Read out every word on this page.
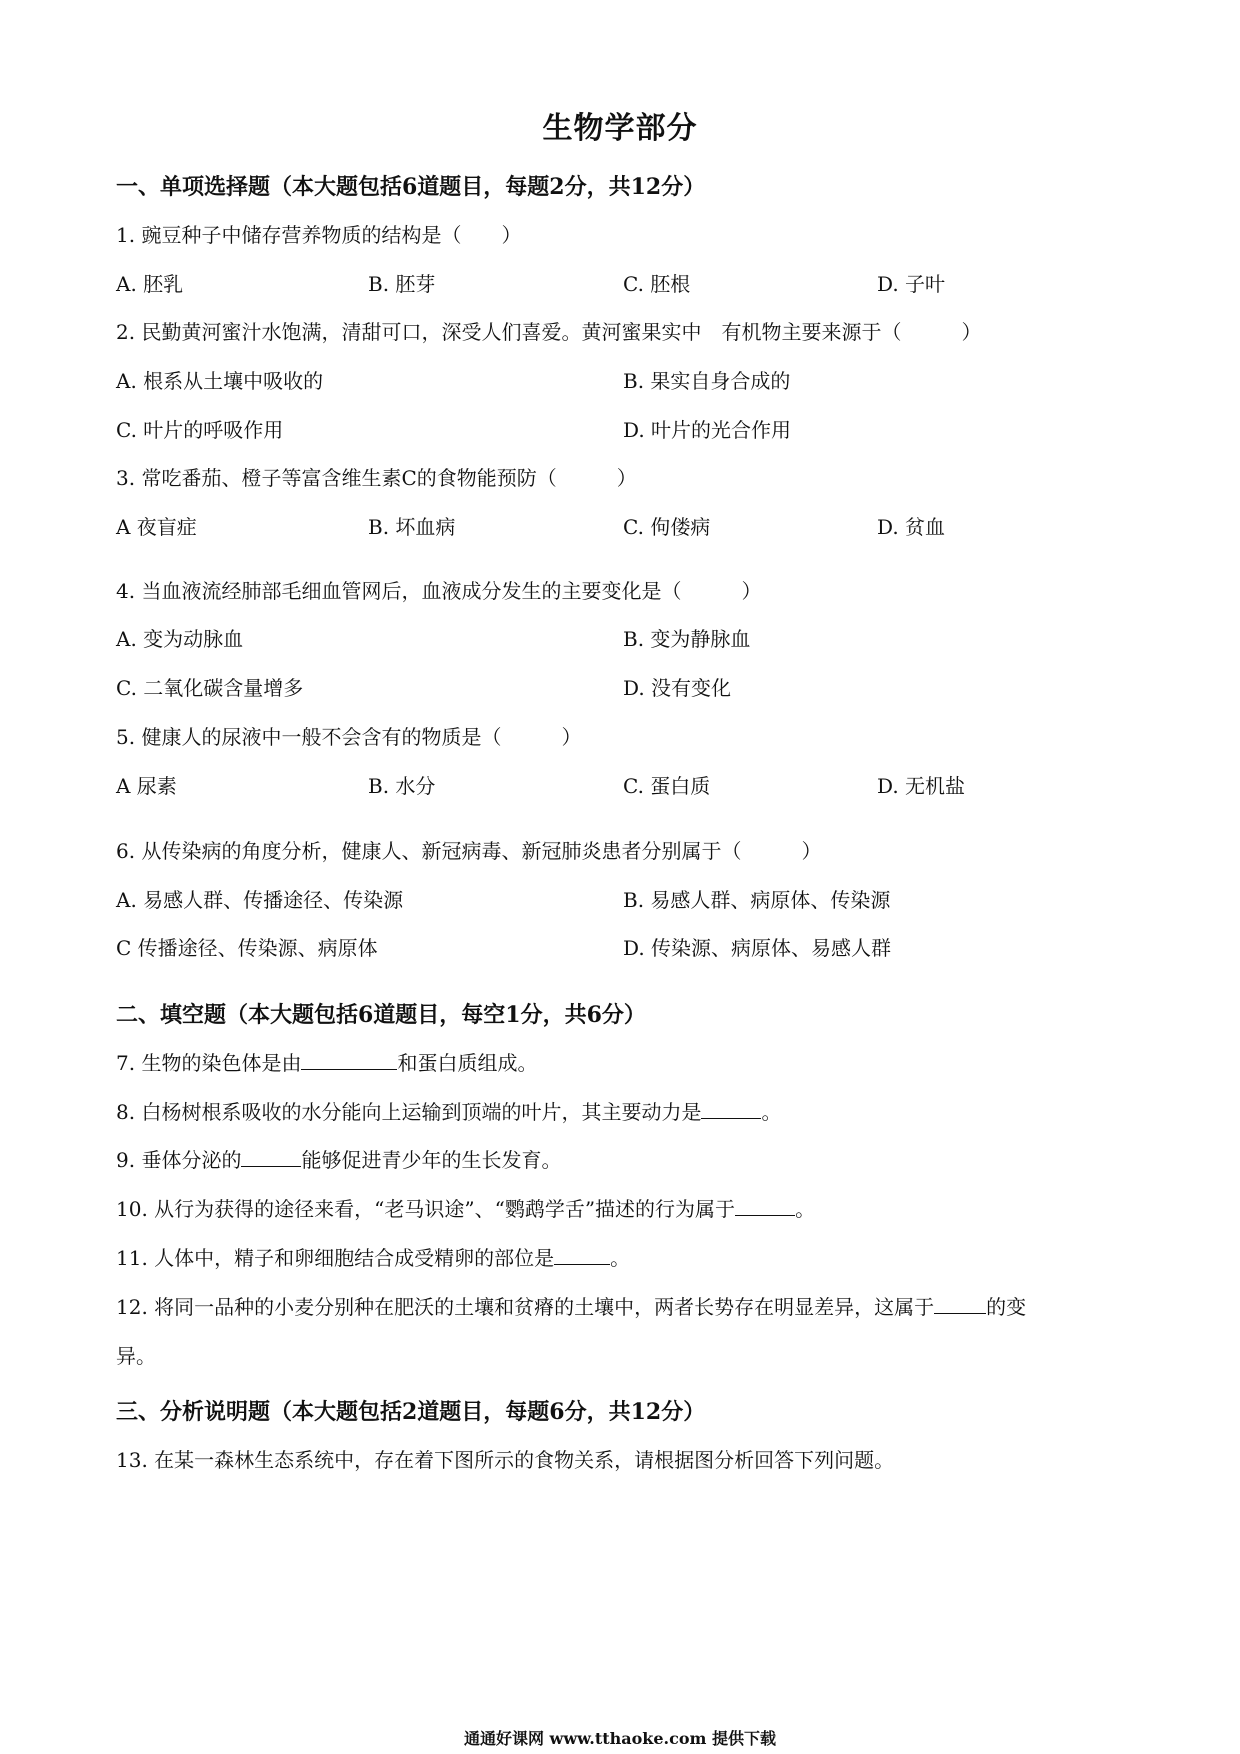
生物学部分
一、单项选择题（本大题包括6道题目，每题2分，共12分）
1. 豌豆种子中储存营养物质的结构是（　　）
A. 胚乳	B. 胚芽	C. 胚根	D. 子叶
2. 民勤黄河蜜汁水饱满，清甜可口，深受人们喜爱。黄河蜜果实中　有机物主要来源于（　　　）
A. 根系从土壤中吸收的	B. 果实自身合成的
C. 叶片的呼吸作用	D. 叶片的光合作用
3. 常吃番茄、橙子等富含维生素C的食物能预防（　　　）
A 夜盲症	B. 坏血病	C. 佝偻病	D. 贫血
4. 当血液流经肺部毛细血管网后，血液成分发生的主要变化是（　　　）
A. 变为动脉血	B. 变为静脉血
C. 二氧化碳含量增多	D. 没有变化
5. 健康人的尿液中一般不会含有的物质是（　　　）
A 尿素	B. 水分	C. 蛋白质	D. 无机盐
6. 从传染病的角度分析，健康人、新冠病毒、新冠肺炎患者分别属于（　　　）
A. 易感人群、传播途径、传染源	B. 易感人群、病原体、传染源
C 传播途径、传染源、病原体	D. 传染源、病原体、易感人群
二、填空题（本大题包括6道题目，每空1分，共6分）
7. 生物的染色体是由	和蛋白质组成。
8. 白杨树根系吸收的水分能向上运输到顶端的叶片，其主要动力是	。
9. 垂体分泌的	能够促进青少年的生长发育。
10. 从行为获得的途径来看，“老马识途”、“鹦鹉学舌”描述的行为属于	。
11. 人体中，精子和卵细胞结合成受精卵的部位是	。
12. 将同一品种的小麦分别种在肥沃的土壤和贫瘠的土壤中，两者长势存在明显差异，这属于	的变
异。
三、分析说明题（本大题包括2道题目，每题6分，共12分）
13. 在某一森林生态系统中，存在着下图所示的食物关系，请根据图分析回答下列问题。
通通好课网 www.tthaoke.com 提供下载
